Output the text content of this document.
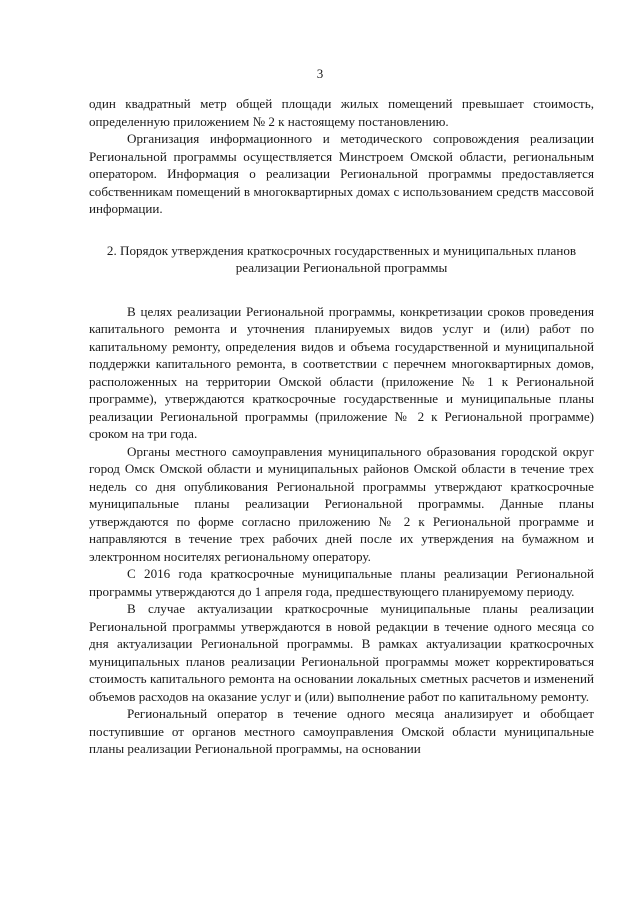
3

один квадратный метр общей площади жилых помещений превышает стоимость, определенную приложением № 2 к настоящему постановлению.

Организация информационного и методического сопровождения реализации Региональной программы осуществляется Минстроем Омской области, региональным оператором. Информация о реализации Региональной программы предоставляется собственникам помещений в многоквартирных домах с использованием средств массовой информации.

2. Порядок утверждения краткосрочных государственных и муниципальных планов реализации Региональной программы

В целях реализации Региональной программы, конкретизации сроков проведения капитального ремонта и уточнения планируемых видов услуг и (или) работ по капитальному ремонту, определения видов и объема государственной и муниципальной поддержки капитального ремонта, в соответствии с перечнем многоквартирных домов, расположенных на территории Омской области (приложение № 1 к Региональной программе), утверждаются краткосрочные государственные и муниципальные планы реализации Региональной программы (приложение № 2 к Региональной программе) сроком на три года.

Органы местного самоуправления муниципального образования городской округ город Омск Омской области и муниципальных районов Омской области в течение трех недель со дня опубликования Региональной программы утверждают краткосрочные муниципальные планы реализации Региональной программы. Данные планы утверждаются по форме согласно приложению № 2 к Региональной программе и направляются в течение трех рабочих дней после их утверждения на бумажном и электронном носителях региональному оператору.

С 2016 года краткосрочные муниципальные планы реализации Региональной программы утверждаются до 1 апреля года, предшествующего планируемому периоду.

В случае актуализации краткосрочные муниципальные планы реализации Региональной программы утверждаются в новой редакции в течение одного месяца со дня актуализации Региональной программы. В рамках актуализации краткосрочных муниципальных планов реализации Региональной программы может корректироваться стоимость капитального ремонта на основании локальных сметных расчетов и изменений объемов расходов на оказание услуг и (или) выполнение работ по капитальному ремонту.

Региональный оператор в течение одного месяца анализирует и обобщает поступившие от органов местного самоуправления Омской области муниципальные планы реализации Региональной программы, на основании
